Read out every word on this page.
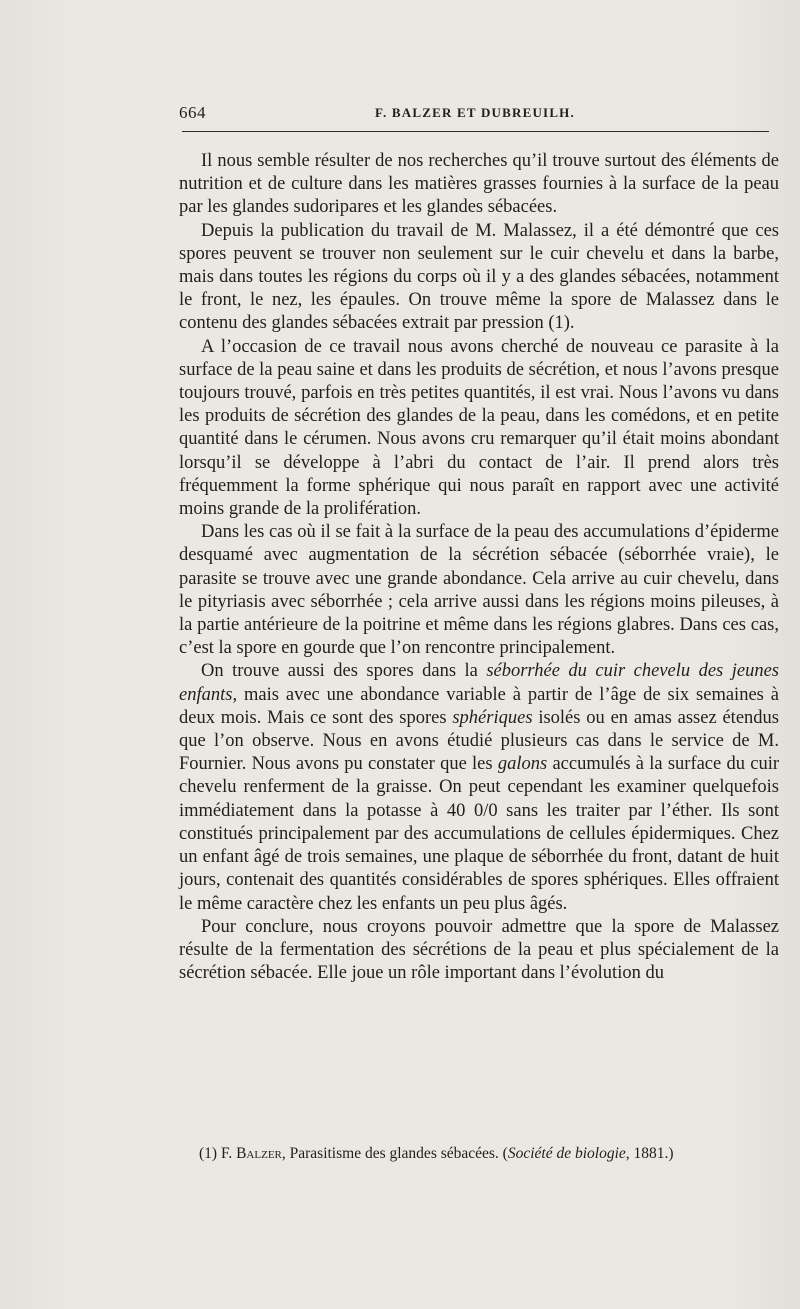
664	F. BALZER ET DUBREUILH.

Il nous semble résulter de nos recherches qu’il trouve surtout des éléments de nutrition et de culture dans les matières grasses fournies à la surface de la peau par les glandes sudoripares et les glandes sébacées.

Depuis la publication du travail de M. Malassez, il a été démontré que ces spores peuvent se trouver non seulement sur le cuir chevelu et dans la barbe, mais dans toutes les régions du corps où il y a des glandes sébacées, notamment le front, le nez, les épaules. On trouve même la spore de Malassez dans le contenu des glandes sébacées extrait par pression (1).

A l’occasion de ce travail nous avons cherché de nouveau ce parasite à la surface de la peau saine et dans les produits de sécrétion, et nous l’avons presque toujours trouvé, parfois en très petites quantités, il est vrai. Nous l’avons vu dans les produits de sécrétion des glandes de la peau, dans les comédons, et en petite quantité dans le cérumen. Nous avons cru remarquer qu’il était moins abondant lorsqu’il se développe à l’abri du contact de l’air. Il prend alors très fréquemment la forme sphérique qui nous paraît en rapport avec une activité moins grande de la prolifération.

Dans les cas où il se fait à la surface de la peau des accumulations d’épiderme desquamé avec augmentation de la sécrétion sébacée (séborrhée vraie), le parasite se trouve avec une grande abondance. Cela arrive au cuir chevelu, dans le pityriasis avec séborrhée ; cela arrive aussi dans les régions moins pileuses, à la partie antérieure de la poitrine et même dans les régions glabres. Dans ces cas, c’est la spore en gourde que l’on rencontre principalement.

On trouve aussi des spores dans la séborrhée du cuir chevelu des jeunes enfants, mais avec une abondance variable à partir de l’âge de six semaines à deux mois. Mais ce sont des spores sphériques isolés ou en amas assez étendus que l’on observe. Nous en avons étudié plusieurs cas dans le service de M. Fournier. Nous avons pu constater que les galons accumulés à la surface du cuir chevelu renferment de la graisse. On peut cependant les examiner quelquefois immédiatement dans la potasse à 40 0/0 sans les traiter par l’éther. Ils sont constitués principalement par des accumulations de cellules épidermiques. Chez un enfant âgé de trois semaines, une plaque de séborrhée du front, datant de huit jours, contenait des quantités considérables de spores sphériques. Elles offraient le même caractère chez les enfants un peu plus âgés.

Pour conclure, nous croyons pouvoir admettre que la spore de Malassez résulte de la fermentation des sécrétions de la peau et plus spécialement de la sécrétion sébacée. Elle joue un rôle important dans l’évolution du

(1) F. Balzer, Parasitisme des glandes sébacées. (Société de biologie, 1881.)
